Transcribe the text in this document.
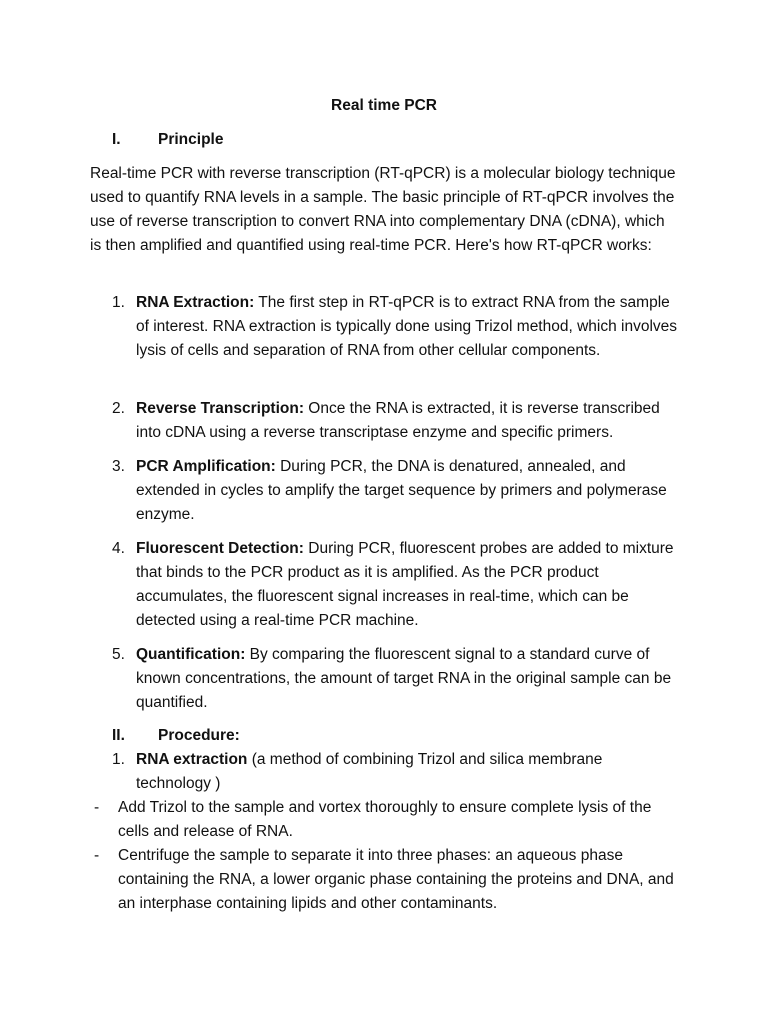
Real time PCR
I. Principle
Real-time PCR with reverse transcription (RT-qPCR) is a molecular biology technique used to quantify RNA levels in a sample. The basic principle of RT-qPCR involves the use of reverse transcription to convert RNA into complementary DNA (cDNA), which is then amplified and quantified using real-time PCR. Here's how RT-qPCR works:
1. RNA Extraction: The first step in RT-qPCR is to extract RNA from the sample of interest. RNA extraction is typically done using Trizol method, which involves lysis of cells and separation of RNA from other cellular components.
2. Reverse Transcription: Once the RNA is extracted, it is reverse transcribed into cDNA using a reverse transcriptase enzyme and specific primers.
3. PCR Amplification: During PCR, the DNA is denatured, annealed, and extended in cycles to amplify the target sequence by primers and polymerase enzyme.
4. Fluorescent Detection: During PCR, fluorescent probes are added to mixture that binds to the PCR product as it is amplified. As the PCR product accumulates, the fluorescent signal increases in real-time, which can be detected using a real-time PCR machine.
5. Quantification: By comparing the fluorescent signal to a standard curve of known concentrations, the amount of target RNA in the original sample can be quantified.
II. Procedure:
1. RNA extraction (a method of combining Trizol and silica membrane technology )
- Add Trizol to the sample and vortex thoroughly to ensure complete lysis of the cells and release of RNA.
- Centrifuge the sample to separate it into three phases: an aqueous phase containing the RNA, a lower organic phase containing the proteins and DNA, and an interphase containing lipids and other contaminants.
